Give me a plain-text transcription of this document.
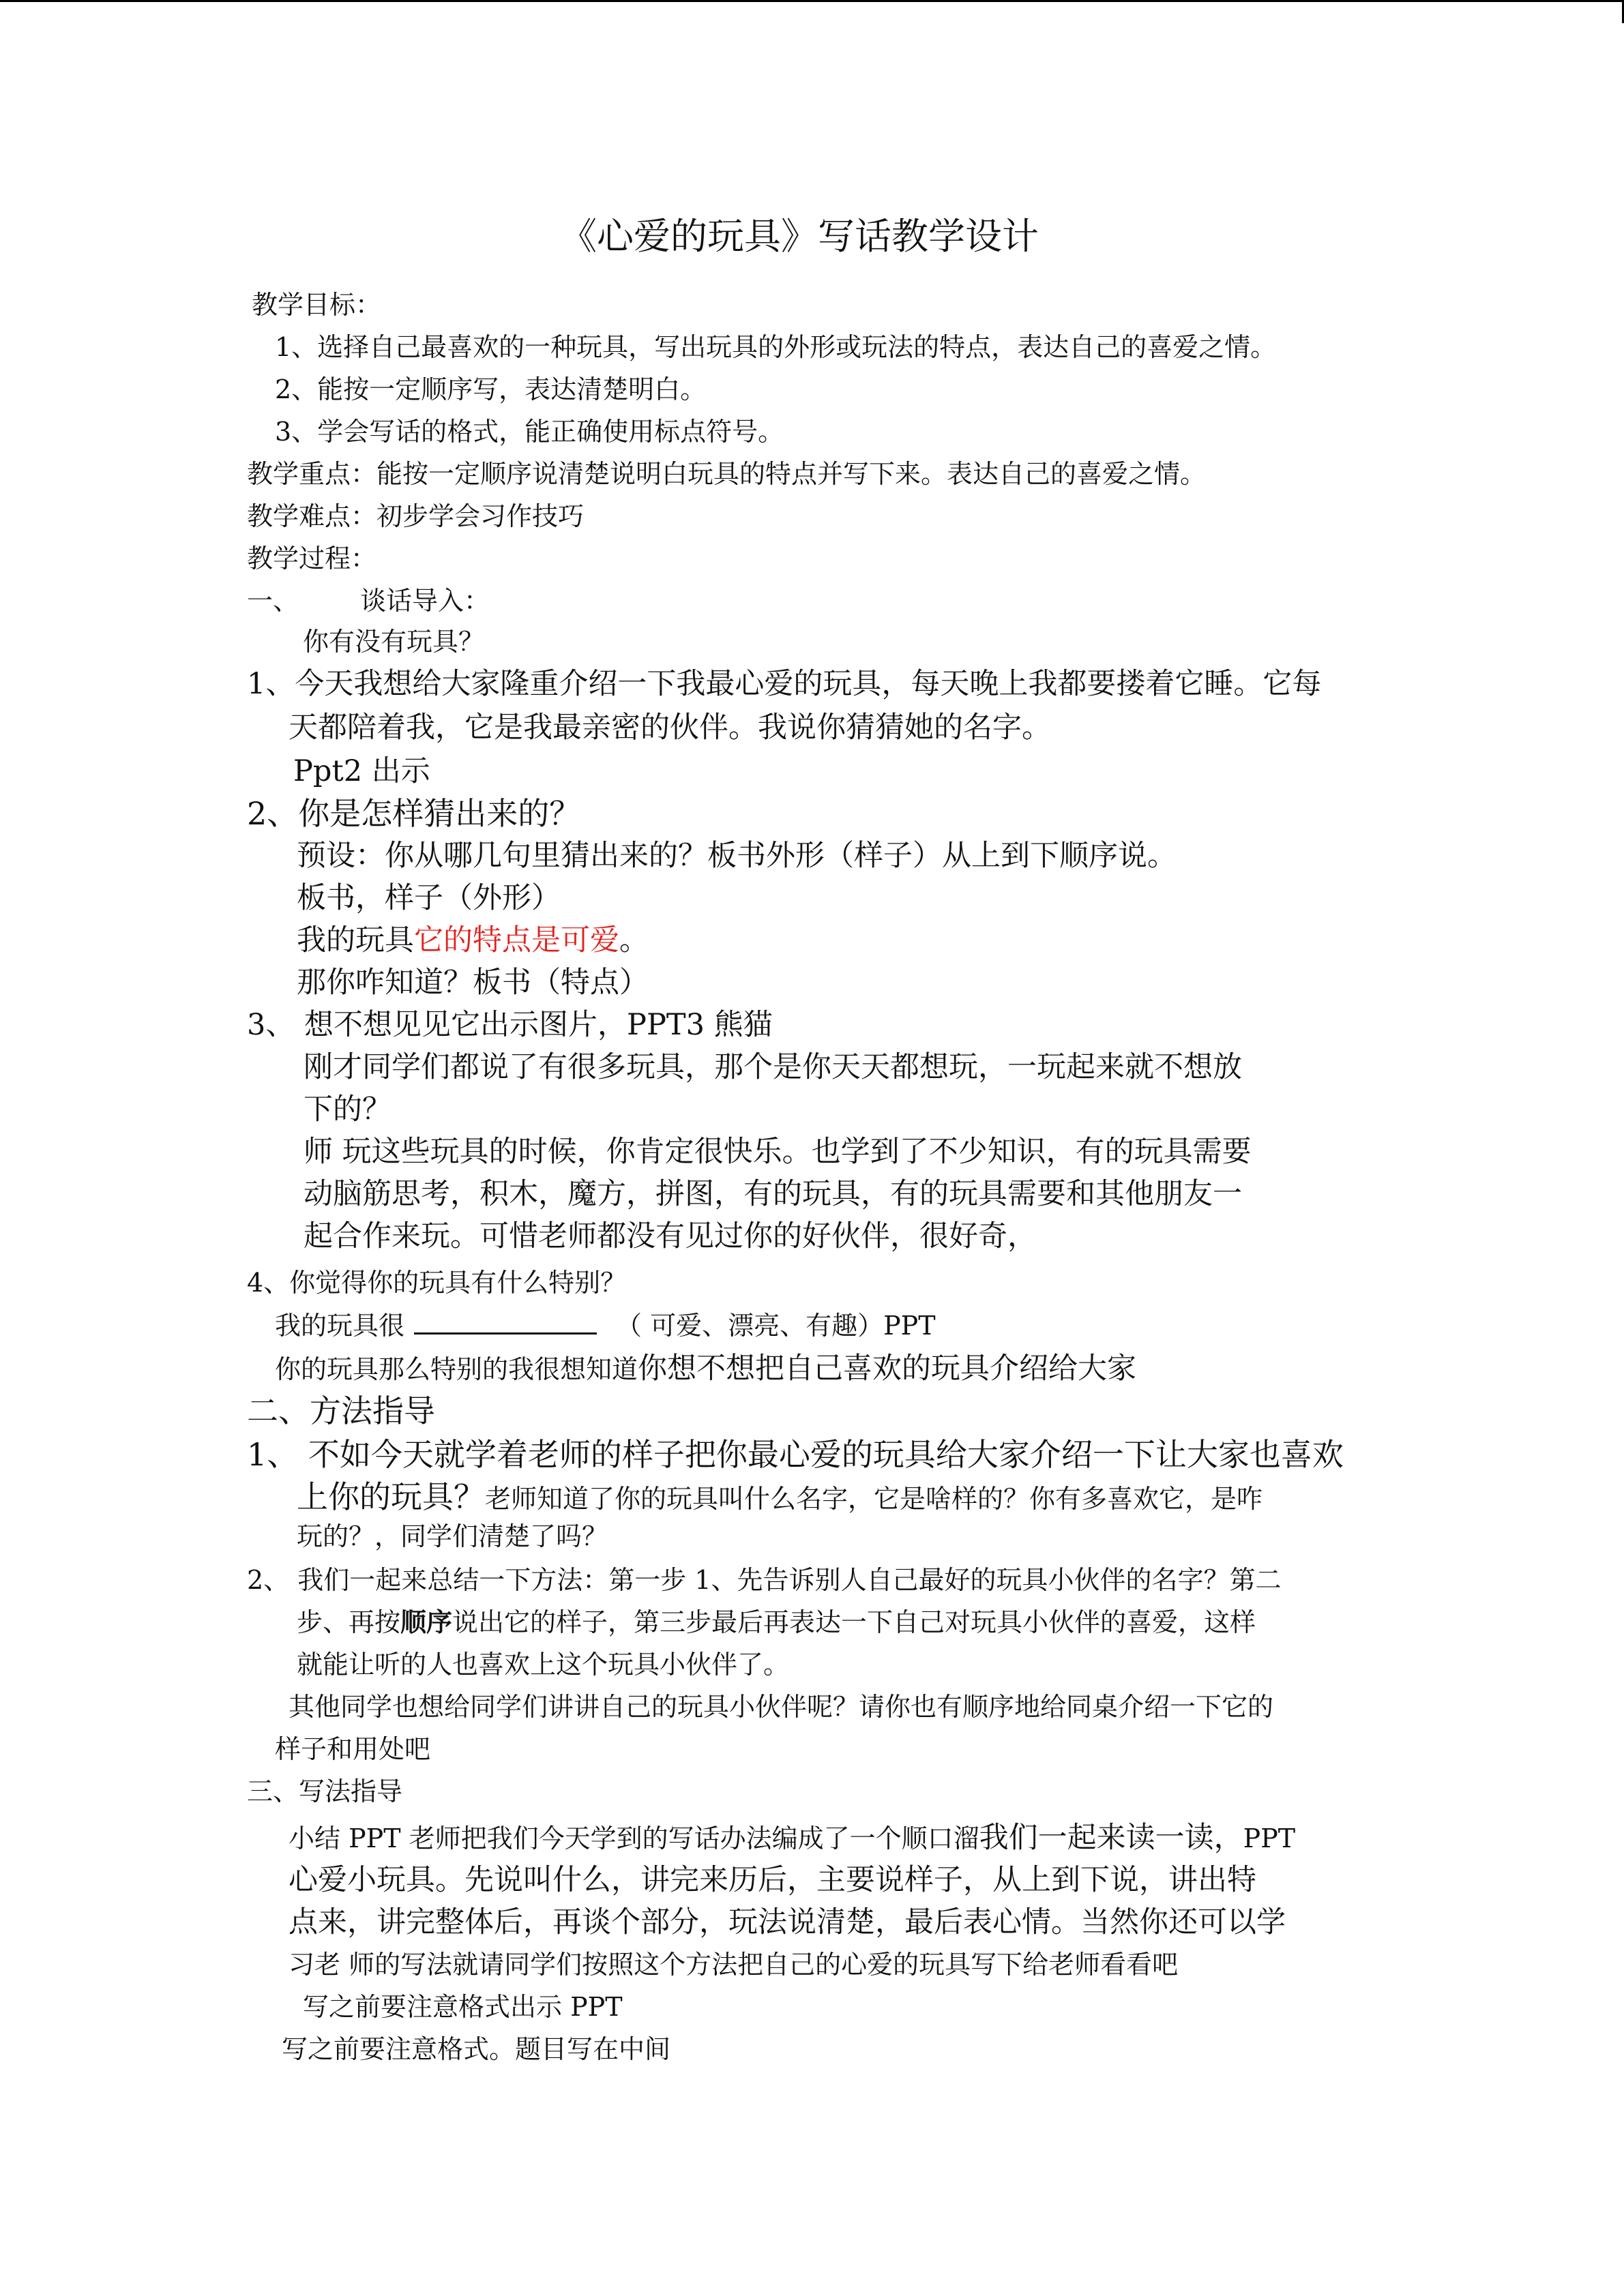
《心爱的玩具》写话教学设计
教学目标：
1、选择自己最喜欢的一种玩具，写出玩具的外形或玩法的特点，表达自己的喜爱之情。
2、能按一定顺序写，表达清楚明白。
3、学会写话的格式，能正确使用标点符号。
教学重点：能按一定顺序说清楚说明白玩具的特点并写下来。表达自己的喜爱之情。
教学难点：初步学会习作技巧
教学过程：
一、 谈话导入：
你有没有玩具？
1、今天我想给大家隆重介绍一下我最心爱的玩具，每天晚上我都要搂着它睡。它每
天都陪着我，它是我最亲密的伙伴。我说你猜猜她的名字。
Ppt2 出示
2、你是怎样猜出来的？
预设：你从哪几句里猜出来的？板书外形（样子）从上到下顺序说。
板书，样子（外形）
我的玩具它的特点是可爱。
那你咋知道？板书（特点）
3、 想不想见见它出示图片，PPT3 熊猫
刚才同学们都说了有很多玩具，那个是你天天都想玩，一玩起来就不想放
下的？
师 玩这些玩具的时候，你肯定很快乐。也学到了不少知识，有的玩具需要
动脑筋思考，积木，魔方，拼图，有的玩具，有的玩具需要和其他朋友一
起合作来玩。可惜老师都没有见过你的好伙伴，很好奇，
4、你觉得你的玩具有什么特别？
我的玩具很	（ 可爱、漂亮、有趣）PPT
你的玩具那么特别的我很想知道你想不想把自己喜欢的玩具介绍给大家
二、方法指导
1、 不如今天就学着老师的样子把你最心爱的玩具给大家介绍一下让大家也喜欢
上你的玩具？老师知道了你的玩具叫什么名字，它是啥样的？你有多喜欢它，是咋
玩的？，同学们清楚了吗？
2、 我们一起来总结一下方法：第一步 1、先告诉别人自己最好的玩具小伙伴的名字？第二
步、再按顺序说出它的样子，第三步最后再表达一下自己对玩具小伙伴的喜爱，这样
就能让听的人也喜欢上这个玩具小伙伴了。
其他同学也想给同学们讲讲自己的玩具小伙伴呢？请你也有顺序地给同桌介绍一下它的
样子和用处吧
三、写法指导
小结 PPT 老师把我们今天学到的写话办法编成了一个顺口溜我们一起来读一读，PPT
心爱小玩具。先说叫什么，讲完来历后，主要说样子，从上到下说，讲出特
点来，讲完整体后，再谈个部分，玩法说清楚，最后表心情。当然你还可以学
习老 师的写法就请同学们按照这个方法把自己的心爱的玩具写下给老师看看吧
写之前要注意格式出示 PPT
写之前要注意格式。题目写在中间
